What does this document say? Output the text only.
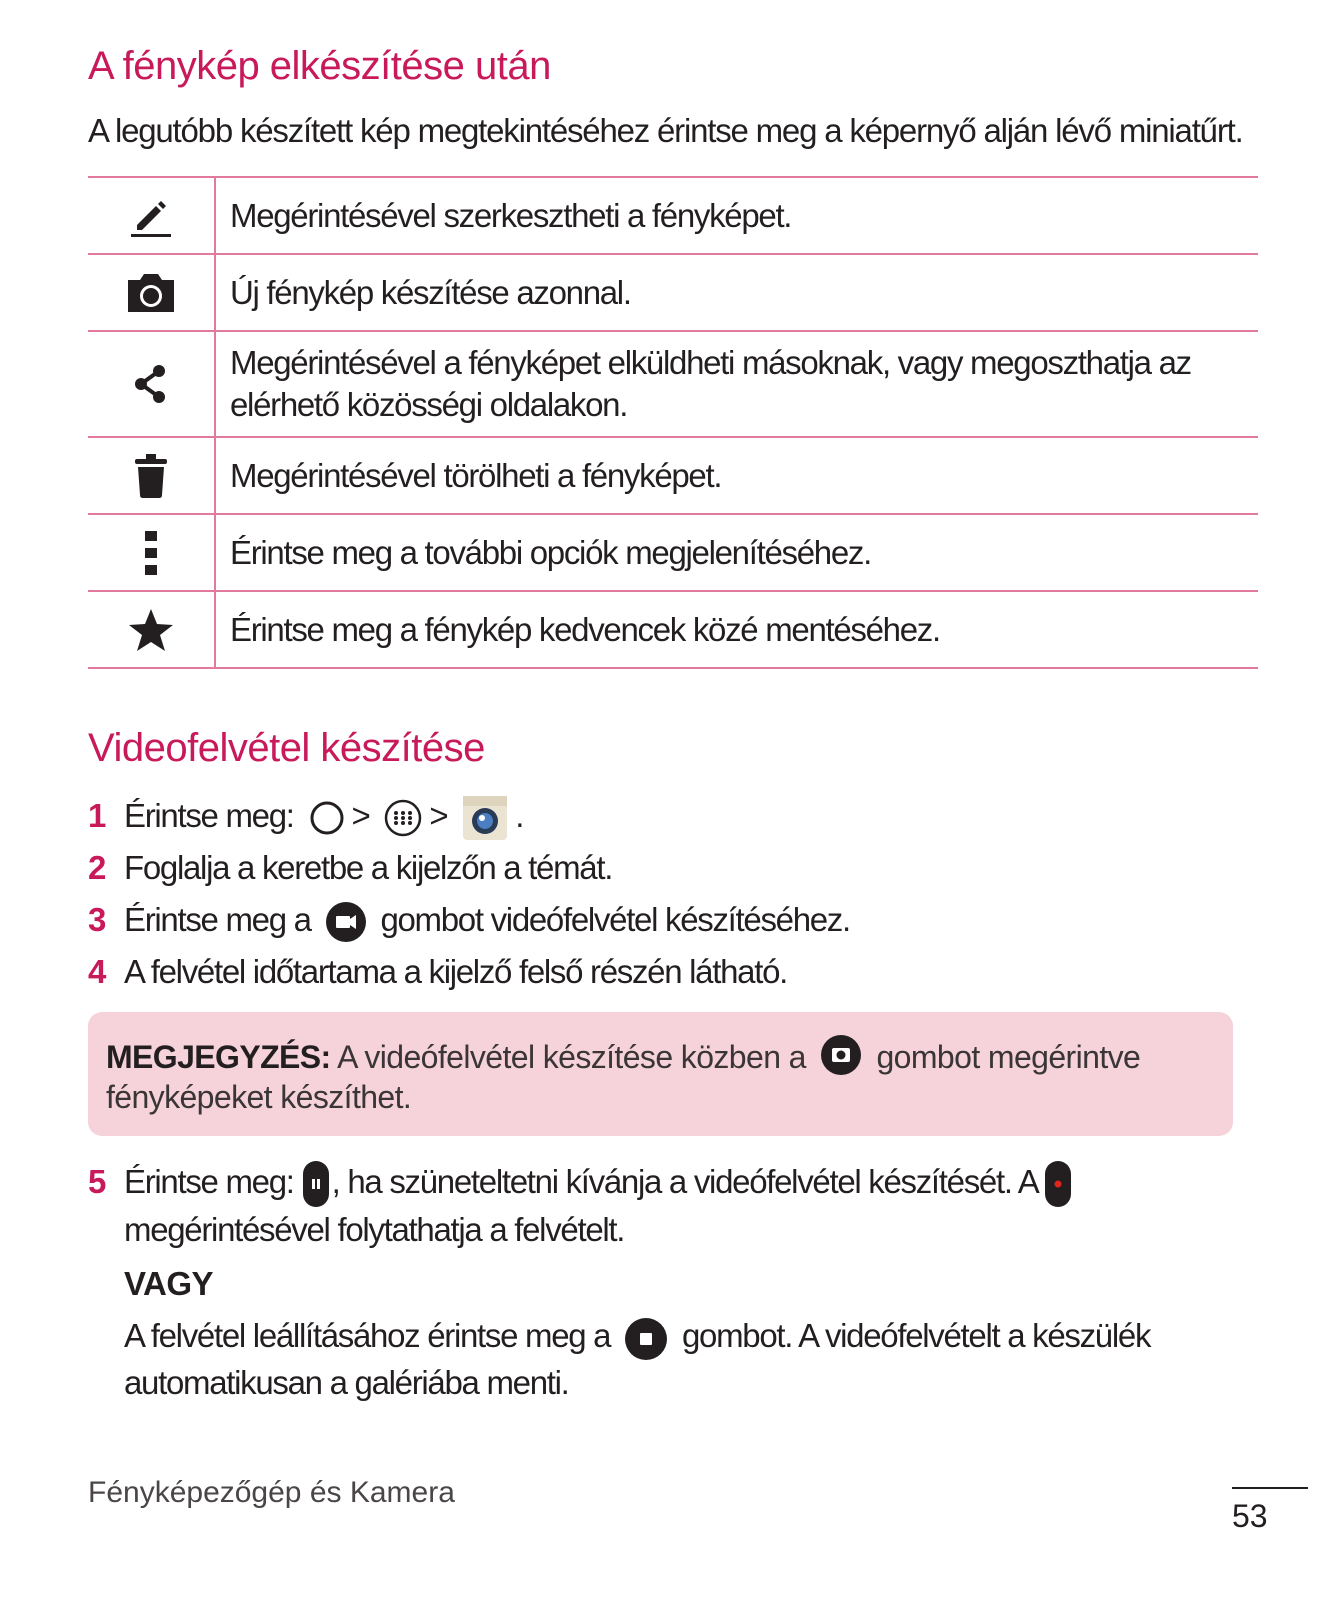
A fénykép elkészítése után
A legutóbb készített kép megtekintéséhez érintse meg a képernyő alján lévő miniatűrt.
	Megérintésével szerkesztheti a fényképet.

	Új fénykép készítése azonnal.

	Megérintésével a fényképet elküldheti másoknak, vagy megoszthatja az elérhető közösségi oldalakon.

	Megérintésével törölheti a fényképet.

	Érintse meg a további opciók megjelenítéséhez.

	Érintse meg a fénykép kedvencek közé mentéséhez.
Videofelvétel készítése
1 Érintse meg: > > .
2 Foglalja a keretbe a kijelzőn a témát.
3 Érintse meg a gombot videófelvétel készítéséhez.
4 A felvétel időtartama a kijelző felső részén látható.
MEGJEGYZÉS: A videófelvétel készítése közben a gombot megérintve
fényképeket készíthet.
5 Érintse meg: , ha szüneteltetni kívánja a videófelvétel készítését. A
megérintésével folytathatja a felvételt.
VAGY
A felvétel leállításához érintse meg a gombot. A videófelvételt a készülék
automatikusan a galériába menti.
Fényképezőgép és Kamera
53
